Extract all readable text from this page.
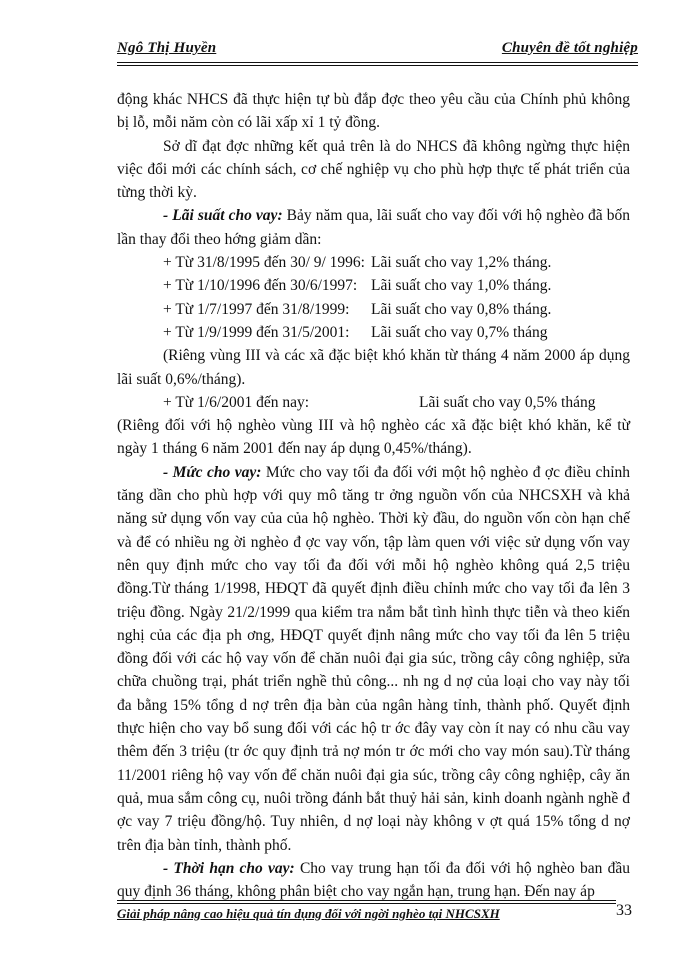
Ngô Thị Huyền	Chuyên đề tốt nghiệp

động khác NHCS đã thực hiện tự bù đắp đợc theo yêu cầu của Chính phủ không bị lỗ, mỗi năm còn có lãi xấp xỉ 1 tỷ đồng.

Sở dĩ đạt đợc những kết quả trên là do NHCS đã không ngừng thực hiện việc đổi mới các chính sách, cơ chế nghiệp vụ cho phù hợp thực tế phát triển của từng thời kỳ.

- Lãi suất cho vay: Bảy năm qua, lãi suất cho vay đối với hộ nghèo đã bốn lần thay đổi theo hớng giảm dần:

+ Từ 31/8/1995 đến 30/ 9/ 1996: Lãi suất cho vay 1,2% tháng.
+ Từ 1/10/1996 đến 30/6/1997: Lãi suất cho vay 1,0% tháng.
+ Từ 1/7/1997 đến 31/8/1999:	Lãi suất cho vay 0,8% tháng.
+ Từ 1/9/1999 đến 31/5/2001:	Lãi suất cho vay 0,7% tháng

(Riêng vùng III và các xã đặc biệt khó khăn từ tháng 4 năm 2000 áp dụng lãi suất 0,6%/tháng).

+ Từ 1/6/2001 đến nay:	Lãi suất cho vay 0,5% tháng

(Riêng đối với hộ nghèo vùng III và hộ nghèo các xã đặc biệt khó khăn, kể từ ngày 1 tháng 6 năm 2001 đến nay áp dụng 0,45%/tháng).

- Mức cho vay: Mức cho vay tối đa đối với một hộ nghèo đ ợc điều chỉnh tăng dần cho phù hợp với quy mô tăng tr ởng nguồn vốn của NHCSXH và khả năng sử dụng vốn vay của của hộ nghèo. Thời kỳ đầu, do nguồn vốn còn hạn chế và để có nhiều ng ời nghèo đ ợc vay vốn, tập làm quen với việc sử dụng vốn vay nên quy định mức cho vay tối đa đối với mỗi hộ nghèo không quá 2,5 triệu đồng.Từ tháng 1/1998, HĐQT đã quyết định điều chỉnh mức cho vay tối đa lên 3 triệu đồng. Ngày 21/2/1999 qua kiểm tra nắm bắt tình hình thực tiễn và theo kiến nghị của các địa ph ơng, HĐQT quyết định nâng mức cho vay tối đa lên 5 triệu đồng đối với các hộ vay vốn để chăn nuôi đại gia súc, trồng cây công nghiệp, sửa chữa chuồng trại, phát triển nghề thủ công... nh ng d nợ của loại cho vay này tối đa bằng 15% tổng d nợ trên địa bàn của ngân hàng tỉnh, thành phố. Quyết định thực hiện cho vay bổ sung đối với các hộ tr ớc đây vay còn ít nay có nhu cầu vay thêm đến 3 triệu (tr ớc quy định trả nợ món tr ớc mới cho vay món sau).Từ tháng 11/2001 riêng hộ vay vốn để chăn nuôi đại gia súc, trồng cây công nghiệp, cây ăn quả, mua sắm công cụ, nuôi trồng đánh bắt thuỷ hải sản, kinh doanh ngành nghề đ ợc vay 7 triệu đồng/hộ. Tuy nhiên, d nợ loại này không v ợt quá 15% tổng d nợ trên địa bàn tỉnh, thành phố.

- Thời hạn cho vay: Cho vay trung hạn tối đa đối với hộ nghèo ban đầu quy định 36 tháng, không phân biệt cho vay ngắn hạn, trung hạn. Đến nay áp

Giải pháp nâng cao hiệu quả tín dụng đối với ngời nghèo tại NHCSXH	33
